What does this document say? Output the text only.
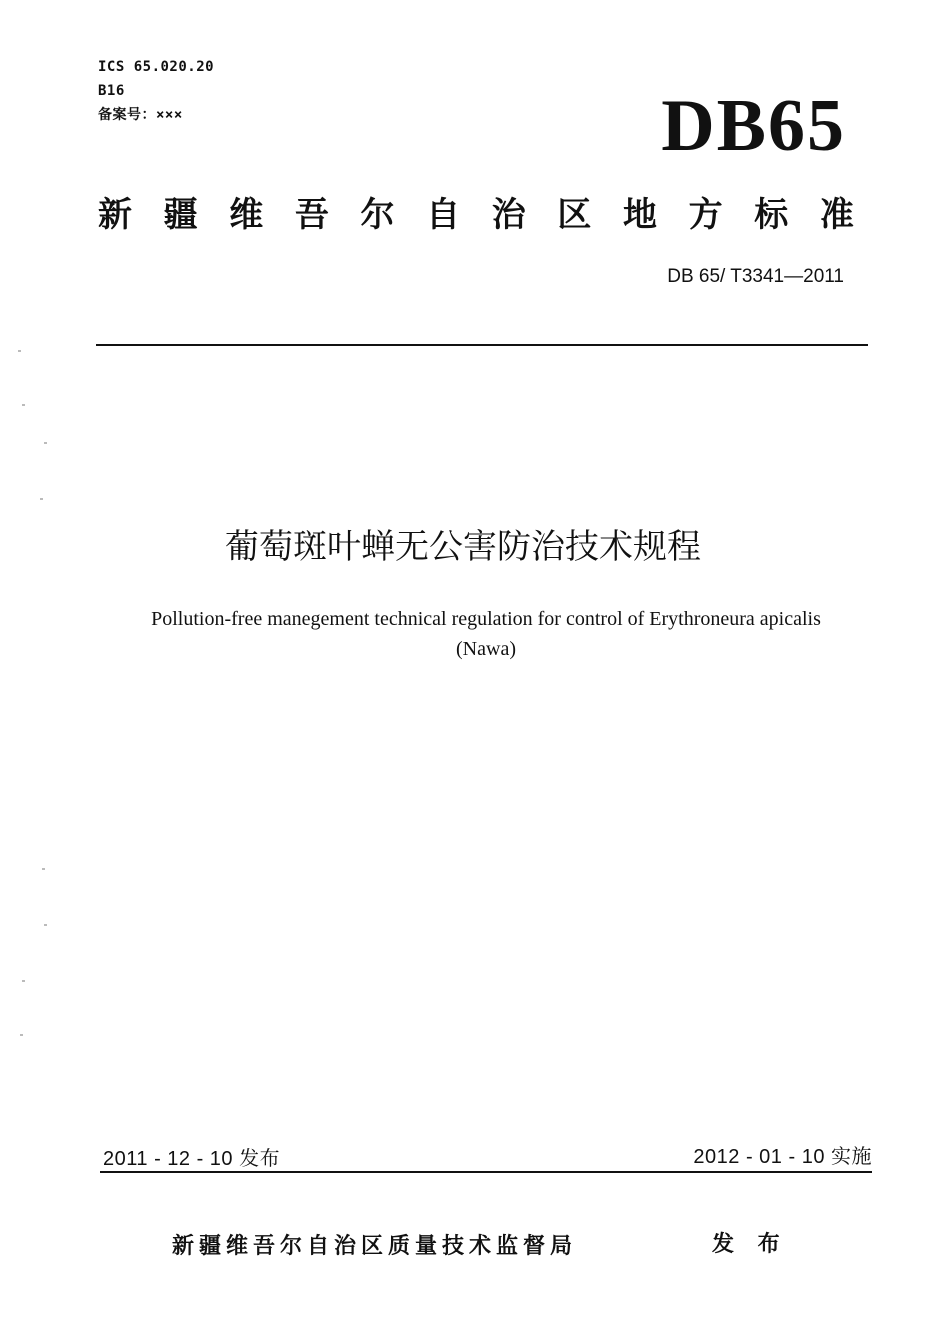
ICS 65.020.20
B16
备案号：×××	DB65
新 疆 维 吾 尔 自 治 区 地 方 标 准
DB 65/ T3341—2011
葡萄斑叶蝉无公害防治技术规程
Pollution-free manegement technical regulation for control of Erythroneura apicalis
(Nawa)
2011 - 12 - 10 发布	2012 - 01 - 10 实施
新疆维吾尔自治区质量技术监督局	发 布
